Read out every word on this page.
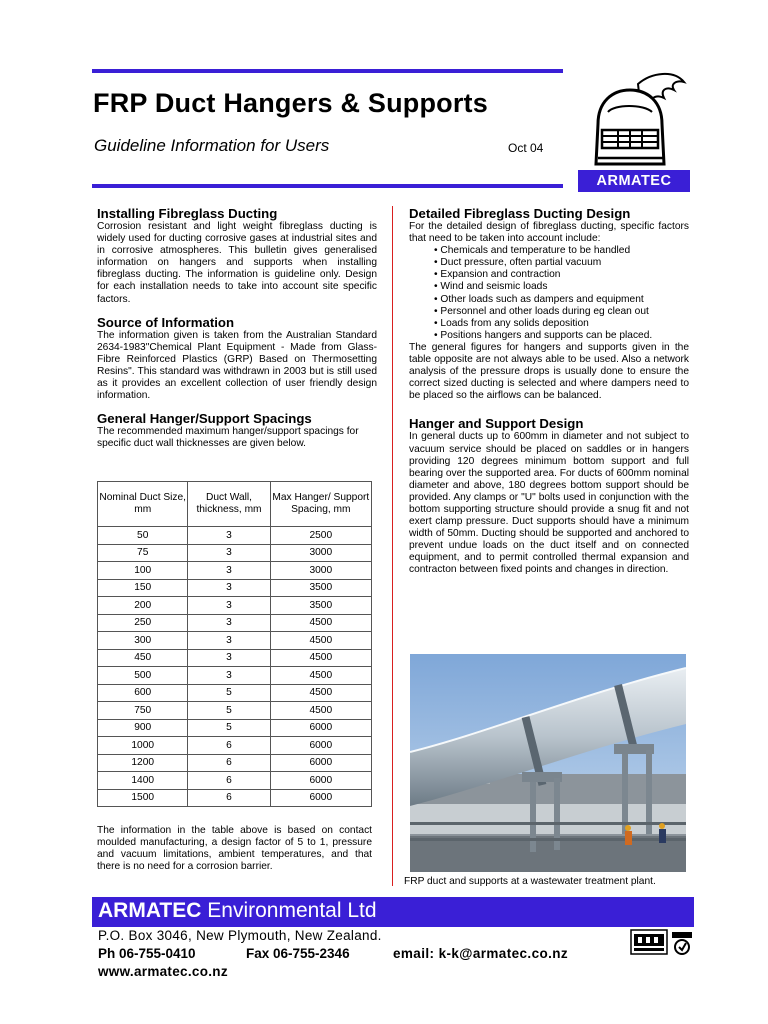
FRP Duct Hangers & Supports
Guideline Information for Users	Oct 04
ARMATEC

Installing Fibreglass Ducting

Corrosion resistant and light weight fibreglass ducting is widely used for ducting corrosive gases at industrial sites and in corrosive atmospheres. This bulletin gives generalised information on hangers and supports when installing fibreglass ducting. The information is guideline only. Design for each installation needs to take into account site specific factors.

Source of Information

The information given is taken from the Australian Standard 2634-1983"Chemical Plant Equipment - Made from Glass-Fibre Reinforced Plastics (GRP) Based on Thermosetting Resins". This standard was withdrawn in 2003 but is still used as it provides an excellent collection of user friendly design information.

General Hanger/Support Spacings

The recommended maximum hanger/support spacings for specific duct wall thicknesses are given below.

Nominal Duct Size, mm	Duct Wall, thickness, mm	Max Hanger/ Support Spacing, mm
50	3	2500
75	3	3000
100	3	3000
150	3	3500
200	3	3500
250	3	4500
300	3	4500
450	3	4500
500	3	4500
600	5	4500
750	5	4500
900	5	6000
1000	6	6000
1200	6	6000
1400	6	6000
1500	6	6000
The information in the table above is based on contact moulded manufacturing, a design factor of 5 to 1, pressure and vacuum limitations, ambient temperatures, and that there is no need for a corrosion barrier.

Detailed Fibreglass Ducting Design

For the detailed design of fibreglass ducting, specific factors that need to be taken into account include:

• Chemicals and temperature to be handled
• Duct pressure, often partial vacuum
• Expansion and contraction
• Wind and seismic loads
• Other loads such as dampers and equipment
• Personnel and other loads during eg clean out
• Loads from any solids deposition
• Positions hangers and supports can be placed.

The general figures for hangers and supports given in the table opposite are not always able to be used. Also a network analysis of the pressure drops is usually done to ensure the correct sized ducting is selected and where dampers need to be placed so the airflows can be balanced.

Hanger and Support Design

In general ducts up to 600mm in diameter and not subject to vacuum service should be placed on saddles or in hangers providing 120 degrees minimum bottom support and full bearing over the supported area. For ducts of 600mm nominal diameter and above, 180 degrees bottom support should be provided. Any clamps or "U" bolts used in conjunction with the bottom supporting structure should provide a snug fit and not exert clamp pressure. Duct supports should have a minimum width of 50mm. Ducting should be supported and anchored to prevent undue loads on the duct itself and on connected equipment, and to permit controlled thermal expansion and contracton between fixed points and changes in direction.

FRP duct and supports at a wastewater treatment plant.
ARMATEC Environmental Ltd
P.O. Box 3046, New Plymouth, New Zealand.
Ph 06-755-0410	Fax 06-755-2346	email: k-k@armatec.co.nz
www.armatec.co.nz
